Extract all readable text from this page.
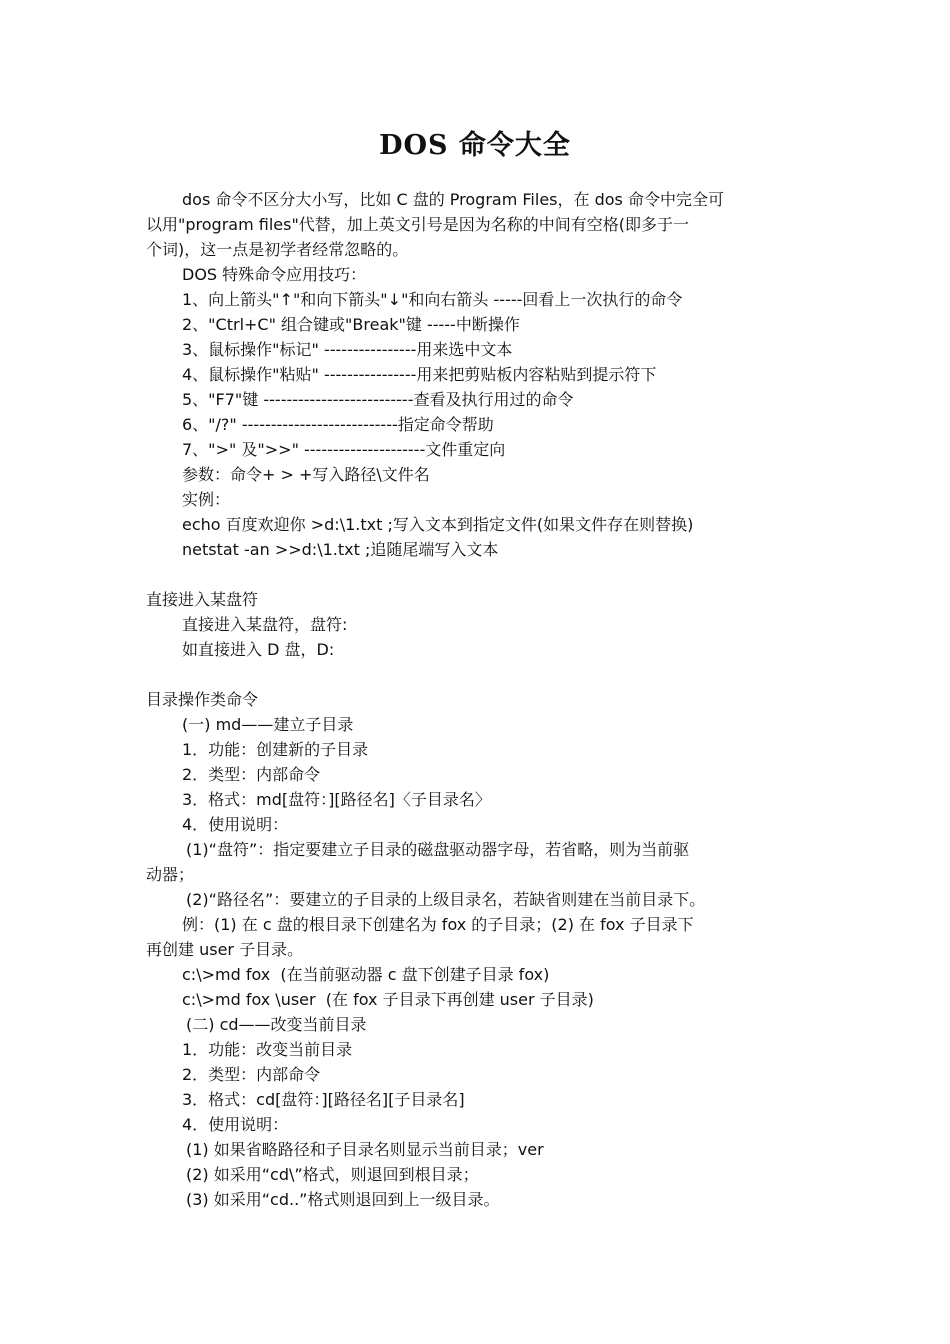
DOS 命令大全
dos 命令不区分大小写，比如 C 盘的 Program Files，在 dos 命令中完全可
以用"program files"代替，加上英文引号是因为名称的中间有空格(即多于一
个词)，这一点是初学者经常忽略的。
DOS 特殊命令应用技巧：
1、向上箭头"↑"和向下箭头"↓"和向右箭头 -----回看上一次执行的命令
2、"Ctrl+C" 组合键或"Break"键 -----中断操作
3、鼠标操作"标记" ----------------用来选中文本
4、鼠标操作"粘贴" ----------------用来把剪贴板内容粘贴到提示符下
5、"F7"键 --------------------------查看及执行用过的命令
6、"/?" ---------------------------指定命令帮助
7、">" 及">>" ---------------------文件重定向
参数：命令+ > +写入路径\文件名
实例：
echo 百度欢迎你 >d:\1.txt ;写入文本到指定文件(如果文件存在则替换)
netstat -an >>d:\1.txt ;追随尾端写入文本
直接进入某盘符
直接进入某盘符，盘符:
如直接进入 D 盘，D:
目录操作类命令
(一) md——建立子目录
1．功能：创建新的子目录
2．类型：内部命令
3．格式：md[盘符：][路径名]〈子目录名〉
4．使用说明：
(1)“盘符”：指定要建立子目录的磁盘驱动器字母，若省略，则为当前驱
动器；
(2)“路径名”：要建立的子目录的上级目录名，若缺省则建在当前目录下。
例：(1) 在 c 盘的根目录下创建名为 fox 的子目录；(2) 在 fox 子目录下
再创建 user 子目录。
c:\>md fox  (在当前驱动器 c 盘下创建子目录 fox)
c:\>md fox \user  (在 fox 子目录下再创建 user 子目录)
(二) cd——改变当前目录
1．功能：改变当前目录
2．类型：内部命令
3．格式：cd[盘符：][路径名][子目录名]
4．使用说明：
(1) 如果省略路径和子目录名则显示当前目录；ver
(2) 如采用“cd\”格式，则退回到根目录；
(3) 如采用“cd..”格式则退回到上一级目录。
